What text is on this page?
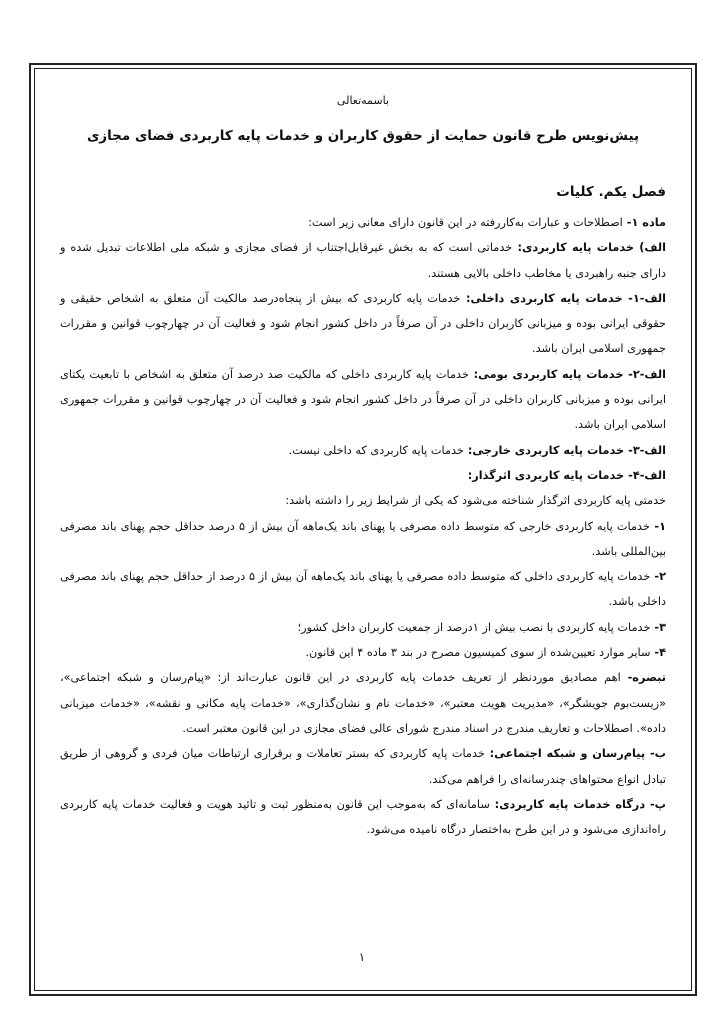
باسمه‌تعالی

پیش‌نویس طرح قانون حمایت از حقوق کاربران و خدمات پایه کاربردی فضای مجازی

فصل یکم. کلیات

ماده ۱- اصطلاحات و عبارات به‌کاررفته در این قانون دارای معانی زیر است:

الف) خدمات پایه کاربردی: خدماتی است که به بخش غیرقابل‌اجتناب از فضای مجازی و شبکه ملی اطلاعات تبدیل شده و دارای جنبه راهبردی یا مخاطب داخلی بالایی هستند.

الف-۱- خدمات پایه کاربردی داخلی: خدمات پایه کاربردی که بیش از پنجاه‌درصد مالکیت آن متعلق به اشخاص حقیقی و حقوقی ایرانی بوده و میزبانی کاربران داخلی در آن صرفاً در داخل کشور انجام شود و فعالیت آن در چهارچوب قوانین و مقررات جمهوری اسلامی ایران باشد.

الف-۲- خدمات پایه کاربردی بومی: خدمات پایه کاربردی داخلی که مالکیت صد درصد آن متعلق به اشخاص با تابعیت یکتای ایرانی بوده و میزبانی کاربران داخلی در آن صرفاً در داخل کشور انجام شود و فعالیت آن در چهارچوب قوانین و مقررات جمهوری اسلامی ایران باشد.

الف-۳- خدمات پایه کاربردی خارجی: خدمات پایه کاربردی که داخلی نیست.

الف-۴- خدمات پایه کاربردی اثرگذار:

خدمتی پایه کاربردی اثرگذار شناخته می‌شود که یکی از شرایط زیر را داشته باشد:

۱- خدمات پایه کاربردی خارجی که متوسط داده مصرفی یا پهنای باند یک‌ماهه آن بیش از ۵ درصد حداقل حجم پهنای باند مصرفی بین‌المللی باشد.

۲- خدمات پایه کاربردی داخلی که متوسط داده مصرفی یا پهنای باند یک‌ماهه آن بیش از ۵ درصد از حداقل حجم پهنای باند مصرفی داخلی باشد.

۳- خدمات پایه کاربردی با نصب بیش از ۱درصد از جمعیت کاربران داخل کشور؛

۴- سایر موارد تعیین‌شده از سوی کمیسیون مصرح در بند ۳ ماده ۴ این قانون.

تبصره- اهم مصادیق موردنظر از تعریف خدمات پایه کاربردی در این قانون عبارت‌اند از: «پیام‌رسان و شبکه اجتماعی»، «زیست‌بوم جویشگر»، «مدیریت هویت معتبر»، «خدمات نام و نشان‌گذاری»، «خدمات پایه مکانی و نقشه»، «خدمات میزبانی داده». اصطلاحات و تعاریف مندرج در اسناد مندرج شورای عالی فضای مجازی در این قانون معتبر است.

ب- پیام‌رسان و شبکه اجتماعی: خدمات پایه کاربردی که بستر تعاملات و برقراری ارتباطات میان فردی و گروهی از طریق تبادل انواع محتواهای چندرسانه‌ای را فراهم می‌کند.

پ- درگاه خدمات پایه کاربردی: سامانه‌ای که به‌موجب این قانون به‌منظور ثبت و تائید هویت و فعالیت خدمات پایه کاربردی راه‌اندازی می‌شود و در این طرح به‌اختصار درگاه نامیده می‌شود.

۱
